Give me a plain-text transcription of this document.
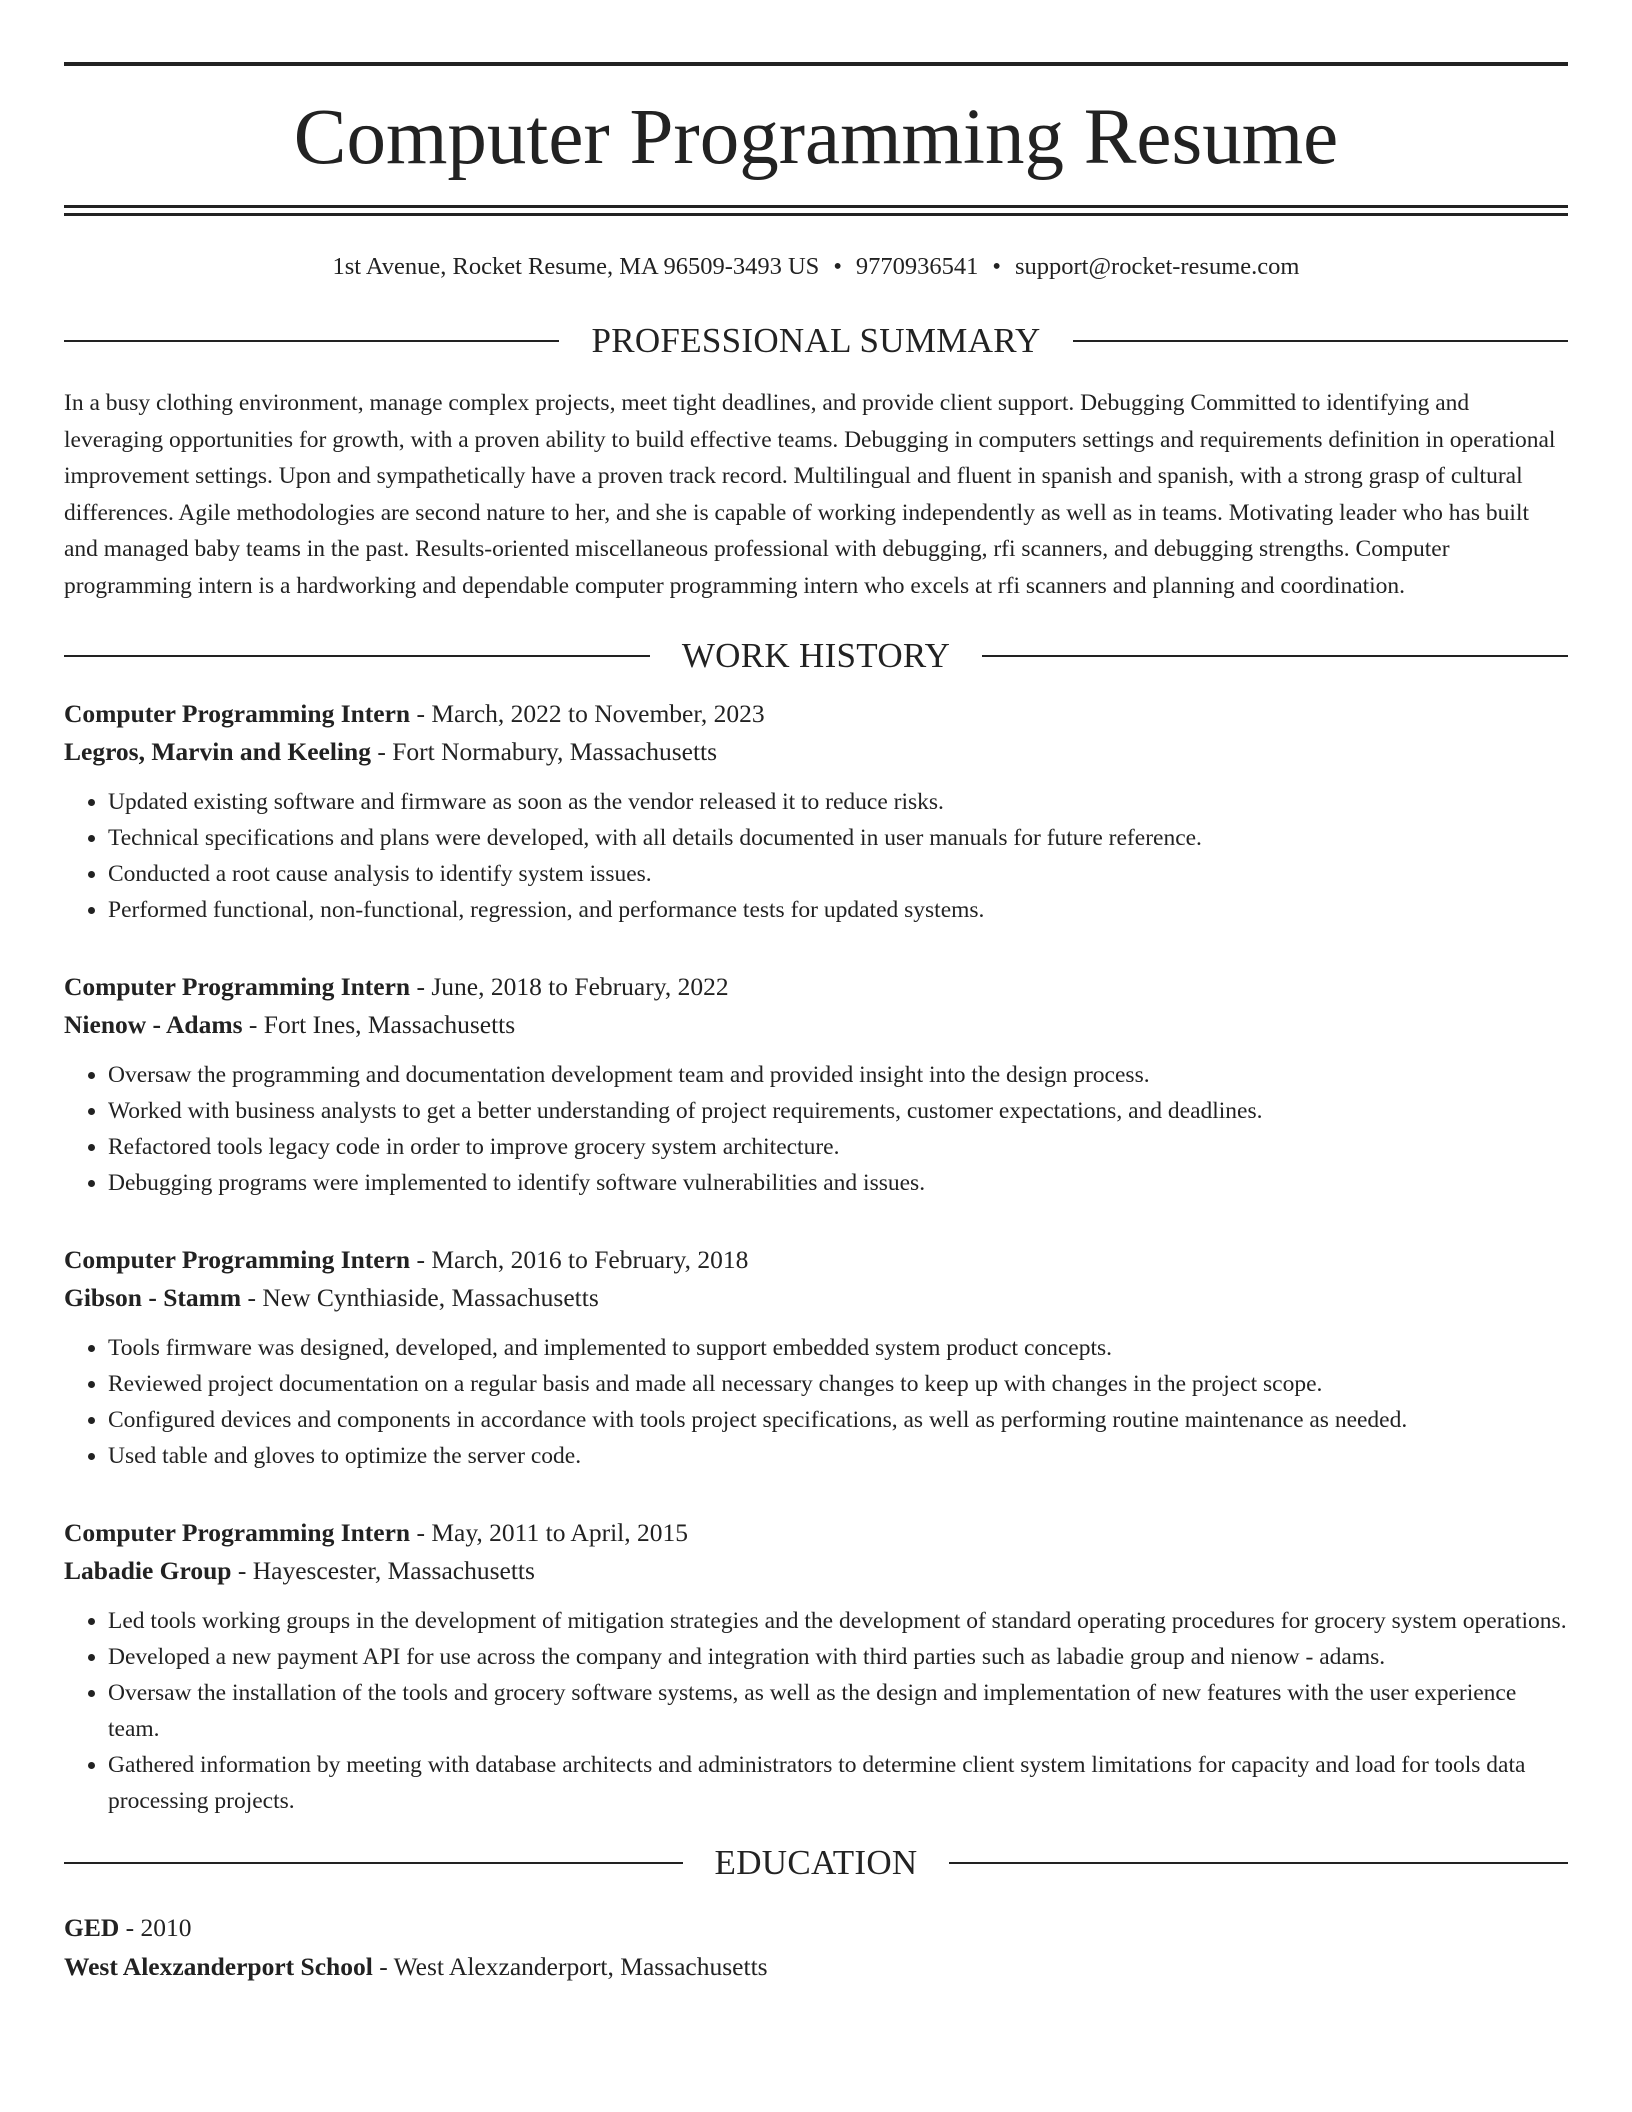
Computer Programming Resume
1st Avenue, Rocket Resume, MA 96509-3493 US • 9770936541 • support@rocket-resume.com
PROFESSIONAL SUMMARY

In a busy clothing environment, manage complex projects, meet tight deadlines, and provide client support. Debugging Committed to identifying and leveraging opportunities for growth, with a proven ability to build effective teams. Debugging in computers settings and requirements definition in operational improvement settings. Upon and sympathetically have a proven track record. Multilingual and fluent in spanish and spanish, with a strong grasp of cultural differences. Agile methodologies are second nature to her, and she is capable of working independently as well as in teams. Motivating leader who has built and managed baby teams in the past. Results-oriented miscellaneous professional with debugging, rfi scanners, and debugging strengths. Computer programming intern is a hardworking and dependable computer programming intern who excels at rfi scanners and planning and coordination.

WORK HISTORY
Computer Programming Intern - March, 2022 to November, 2023
Legros, Marvin and Keeling - Fort Normabury, Massachusetts
• Updated existing software and firmware as soon as the vendor released it to reduce risks.
• Technical specifications and plans were developed, with all details documented in user manuals for future reference.
• Conducted a root cause analysis to identify system issues.
• Performed functional, non-functional, regression, and performance tests for updated systems.
Computer Programming Intern - June, 2018 to February, 2022
Nienow - Adams - Fort Ines, Massachusetts
• Oversaw the programming and documentation development team and provided insight into the design process.
• Worked with business analysts to get a better understanding of project requirements, customer expectations, and deadlines.
• Refactored tools legacy code in order to improve grocery system architecture.
• Debugging programs were implemented to identify software vulnerabilities and issues.
Computer Programming Intern - March, 2016 to February, 2018
Gibson - Stamm - New Cynthiaside, Massachusetts
• Tools firmware was designed, developed, and implemented to support embedded system product concepts.
• Reviewed project documentation on a regular basis and made all necessary changes to keep up with changes in the project scope.
• Configured devices and components in accordance with tools project specifications, as well as performing routine maintenance as needed.
• Used table and gloves to optimize the server code.
Computer Programming Intern - May, 2011 to April, 2015
Labadie Group - Hayescester, Massachusetts
• Led tools working groups in the development of mitigation strategies and the development of standard operating procedures for grocery system operations.
• Developed a new payment API for use across the company and integration with third parties such as labadie group and nienow - adams.
• Oversaw the installation of the tools and grocery software systems, as well as the design and implementation of new features with the user experience team.
• Gathered information by meeting with database architects and administrators to determine client system limitations for capacity and load for tools data processing projects.
EDUCATION
GED - 2010
West Alexzanderport School - West Alexzanderport, Massachusetts
